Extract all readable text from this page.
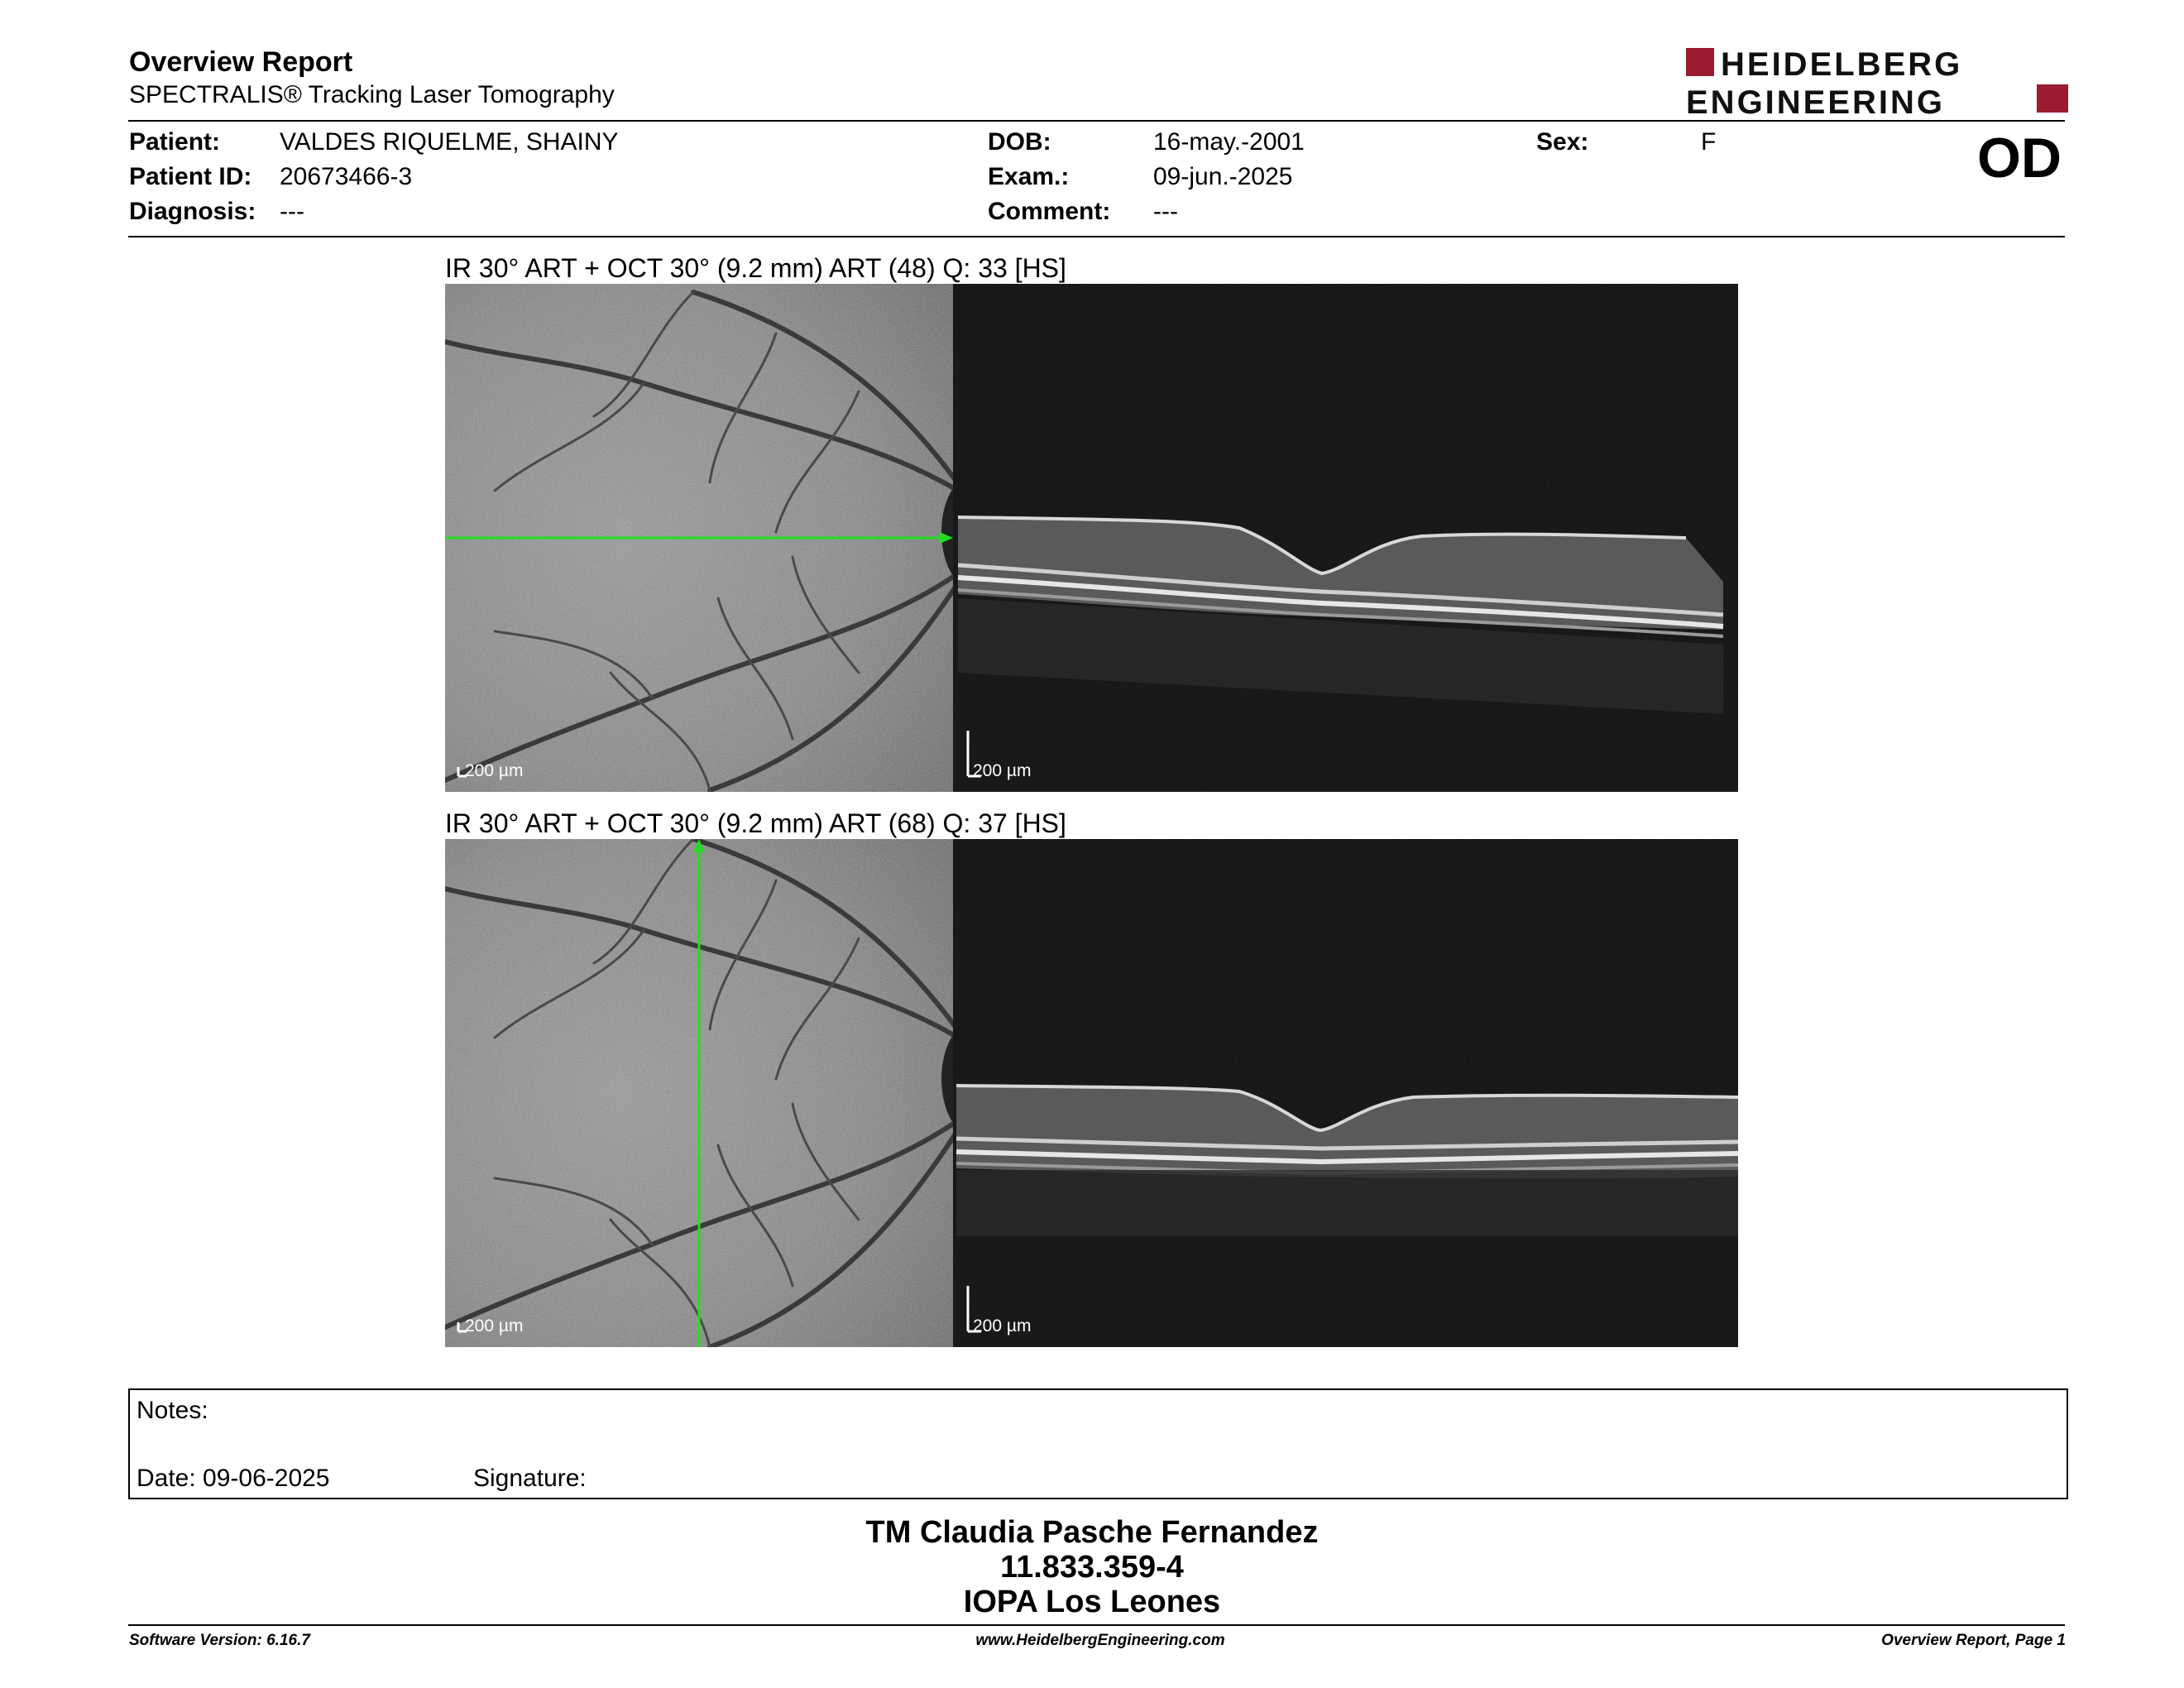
Overview Report
SPECTRALIS® Tracking Laser Tomography
HEIDELBERG
ENGINEERING
Patient: VALDES RIQUELME, SHAINY
Patient ID: 20673466-3
Diagnosis: ---
DOB:	16-may.-2001
Exam.:	09-jun.-2025
Comment: ---
Sex:	F	OD
IR 30° ART + OCT 30° (9.2 mm) ART (48) Q: 33 [HS]
200 µm	200 µm
IR 30° ART + OCT 30° (9.2 mm) ART (68) Q: 37 [HS]
200 µm	200 µm
Notes:
Date: 09-06-2025	Signature:
TM Claudia Pasche Fernandez
11.833.359-4
IOPA Los Leones
Software Version: 6.16.7	www.HeidelbergEngineering.com	Overview Report, Page 1
